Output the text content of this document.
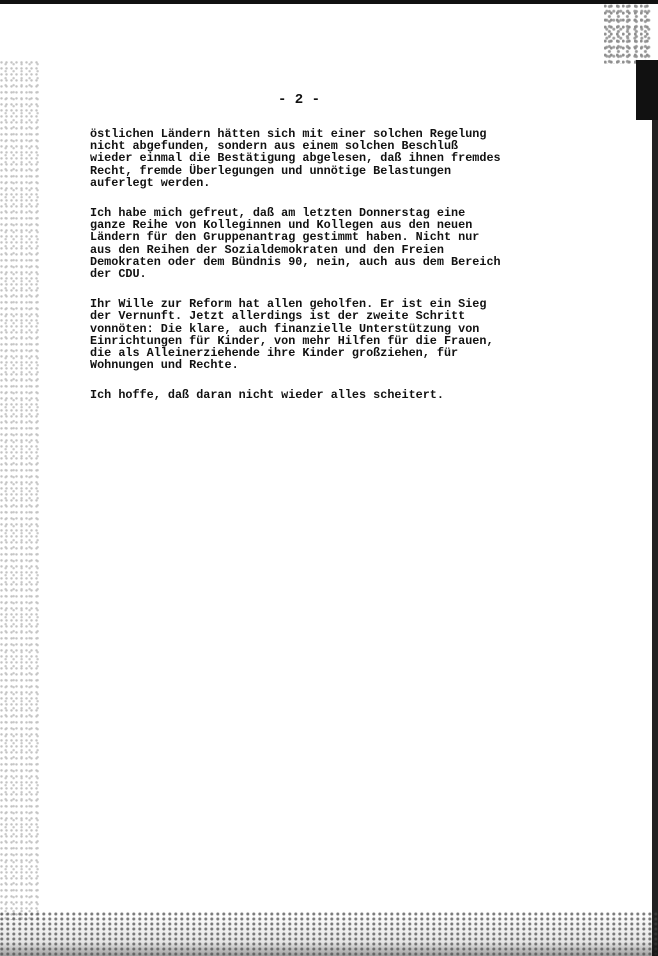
- 2 -
östlichen Ländern hätten sich mit einer solchen Regelung
nicht abgefunden, sondern aus einem solchen Beschluß
wieder einmal die Bestätigung abgelesen, daß ihnen fremdes
Recht, fremde Überlegungen und unnötige Belastungen
auferlegt werden.
Ich habe mich gefreut, daß am letzten Donnerstag eine
ganze Reihe von Kolleginnen und Kollegen aus den neuen
Ländern für den Gruppenantrag gestimmt haben. Nicht nur
aus den Reihen der Sozialdemokraten und den Freien
Demokraten oder dem Bündnis 90, nein, auch aus dem Bereich
der CDU.
Ihr Wille zur Reform hat allen geholfen. Er ist ein Sieg
der Vernunft. Jetzt allerdings ist der zweite Schritt
vonnöten: Die klare, auch finanzielle Unterstützung von
Einrichtungen für Kinder, von mehr Hilfen für die Frauen,
die als Alleinerziehende ihre Kinder großziehen, für
Wohnungen und Rechte.
Ich hoffe, daß daran nicht wieder alles scheitert.
